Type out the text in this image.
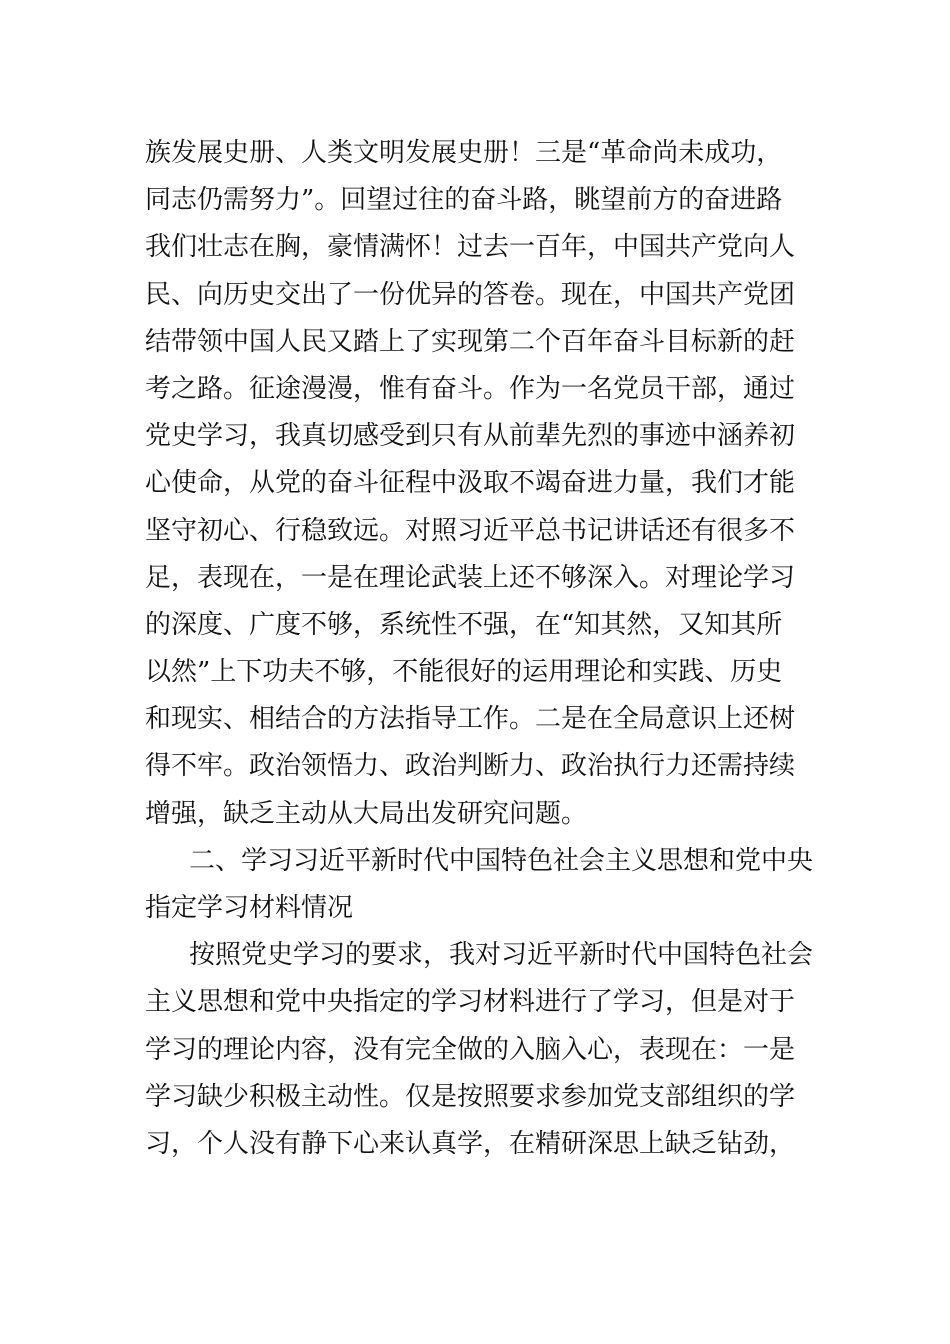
族发展史册、人类文明发展史册！三是“革命尚未成功，
同志仍需努力”。回望过往的奋斗路，眺望前方的奋进路
我们壮志在胸，豪情满怀！过去一百年，中国共产党向人
民、向历史交出了一份优异的答卷。现在，中国共产党团
结带领中国人民又踏上了实现第二个百年奋斗目标新的赶
考之路。征途漫漫，惟有奋斗。作为一名党员干部，通过
党史学习，我真切感受到只有从前辈先烈的事迹中涵养初
心使命，从党的奋斗征程中汲取不竭奋进力量，我们才能
坚守初心、行稳致远。对照习近平总书记讲话还有很多不
足，表现在，一是在理论武装上还不够深入。对理论学习
的深度、广度不够，系统性不强，在“知其然，又知其所
以然”上下功夫不够，不能很好的运用理论和实践、历史
和现实、相结合的方法指导工作。二是在全局意识上还树
得不牢。政治领悟力、政治判断力、政治执行力还需持续
增强，缺乏主动从大局出发研究问题。
二、学习习近平新时代中国特色社会主义思想和党中央
指定学习材料情况
按照党史学习的要求，我对习近平新时代中国特色社会
主义思想和党中央指定的学习材料进行了学习，但是对于
学习的理论内容，没有完全做的入脑入心，表现在：一是
学习缺少积极主动性。仅是按照要求参加党支部组织的学
习，个人没有静下心来认真学，在精研深思上缺乏钻劲，
